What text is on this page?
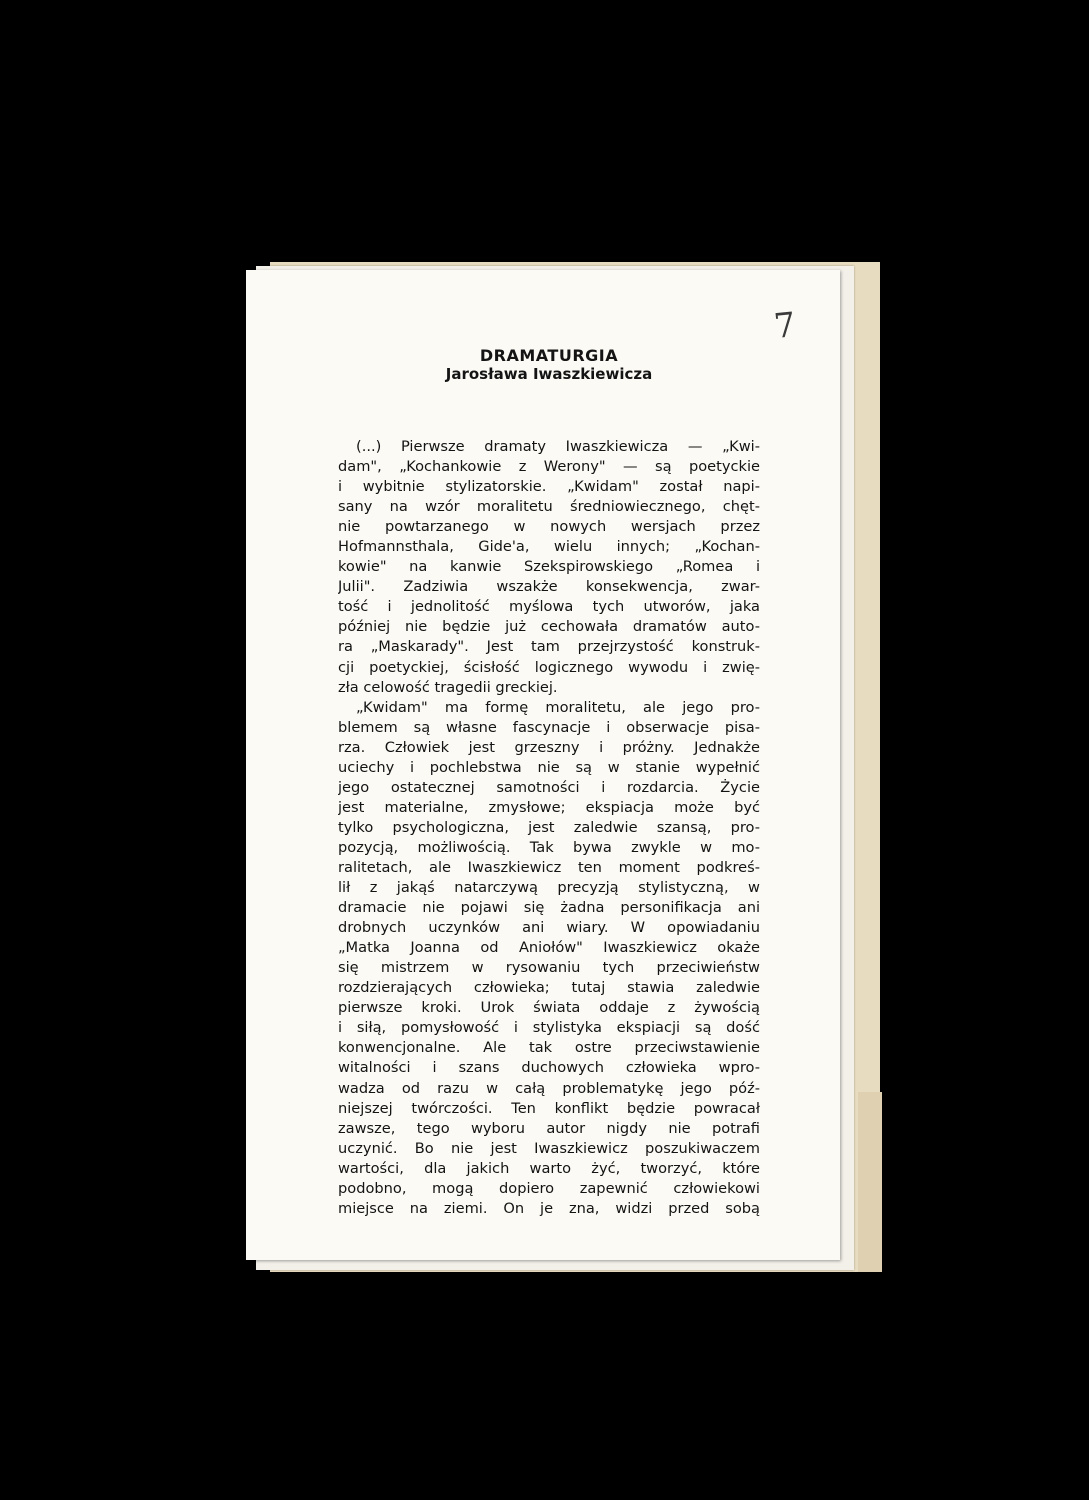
7
DRAMATURGIA
Jarosława Iwaszkiewicza
(...) Pierwsze dramaty Iwaszkiewicza — „Kwi-
dam", „Kochankowie z Werony" — są poetyckie
i wybitnie stylizatorskie. „Kwidam" został napi-
sany na wzór moralitetu średniowiecznego, chęt-
nie powtarzanego w nowych wersjach przez
Hofmannsthala, Gide'a, wielu innych; „Kochan-
kowie" na kanwie Szekspirowskiego „Romea i
Julii". Zadziwia wszakże konsekwencja, zwar-
tość i jednolitość myślowa tych utworów, jaka
później nie będzie już cechowała dramatów auto-
ra „Maskarady". Jest tam przejrzystość konstruk-
cji poetyckiej, ścisłość logicznego wywodu i zwię-
zła celowość tragedii greckiej.
„Kwidam" ma formę moralitetu, ale jego pro-
blemem są własne fascynacje i obserwacje pisa-
rza. Człowiek jest grzeszny i próżny. Jednakże
uciechy i pochlebstwa nie są w stanie wypełnić
jego ostatecznej samotności i rozdarcia. Życie
jest materialne, zmysłowe; ekspiacja może być
tylko psychologiczna, jest zaledwie szansą, pro-
pozycją, możliwością. Tak bywa zwykle w mo-
ralitetach, ale Iwaszkiewicz ten moment podkreś-
lił z jakąś natarczywą precyzją stylistyczną, w
dramacie nie pojawi się żadna personifikacja ani
drobnych uczynków ani wiary. W opowiadaniu
„Matka Joanna od Aniołów" Iwaszkiewicz okaże
się mistrzem w rysowaniu tych przeciwieństw
rozdzierających człowieka; tutaj stawia zaledwie
pierwsze kroki. Urok świata oddaje z żywością
i siłą, pomysłowość i stylistyka ekspiacji są dość
konwencjonalne. Ale tak ostre przeciwstawienie
witalności i szans duchowych człowieka wpro-
wadza od razu w całą problematykę jego póź-
niejszej twórczości. Ten konflikt będzie powracał
zawsze, tego wyboru autor nigdy nie potrafi
uczynić. Bo nie jest Iwaszkiewicz poszukiwaczem
wartości, dla jakich warto żyć, tworzyć, które
podobno, mogą dopiero zapewnić człowiekowi
miejsce na ziemi. On je zna, widzi przed sobą
